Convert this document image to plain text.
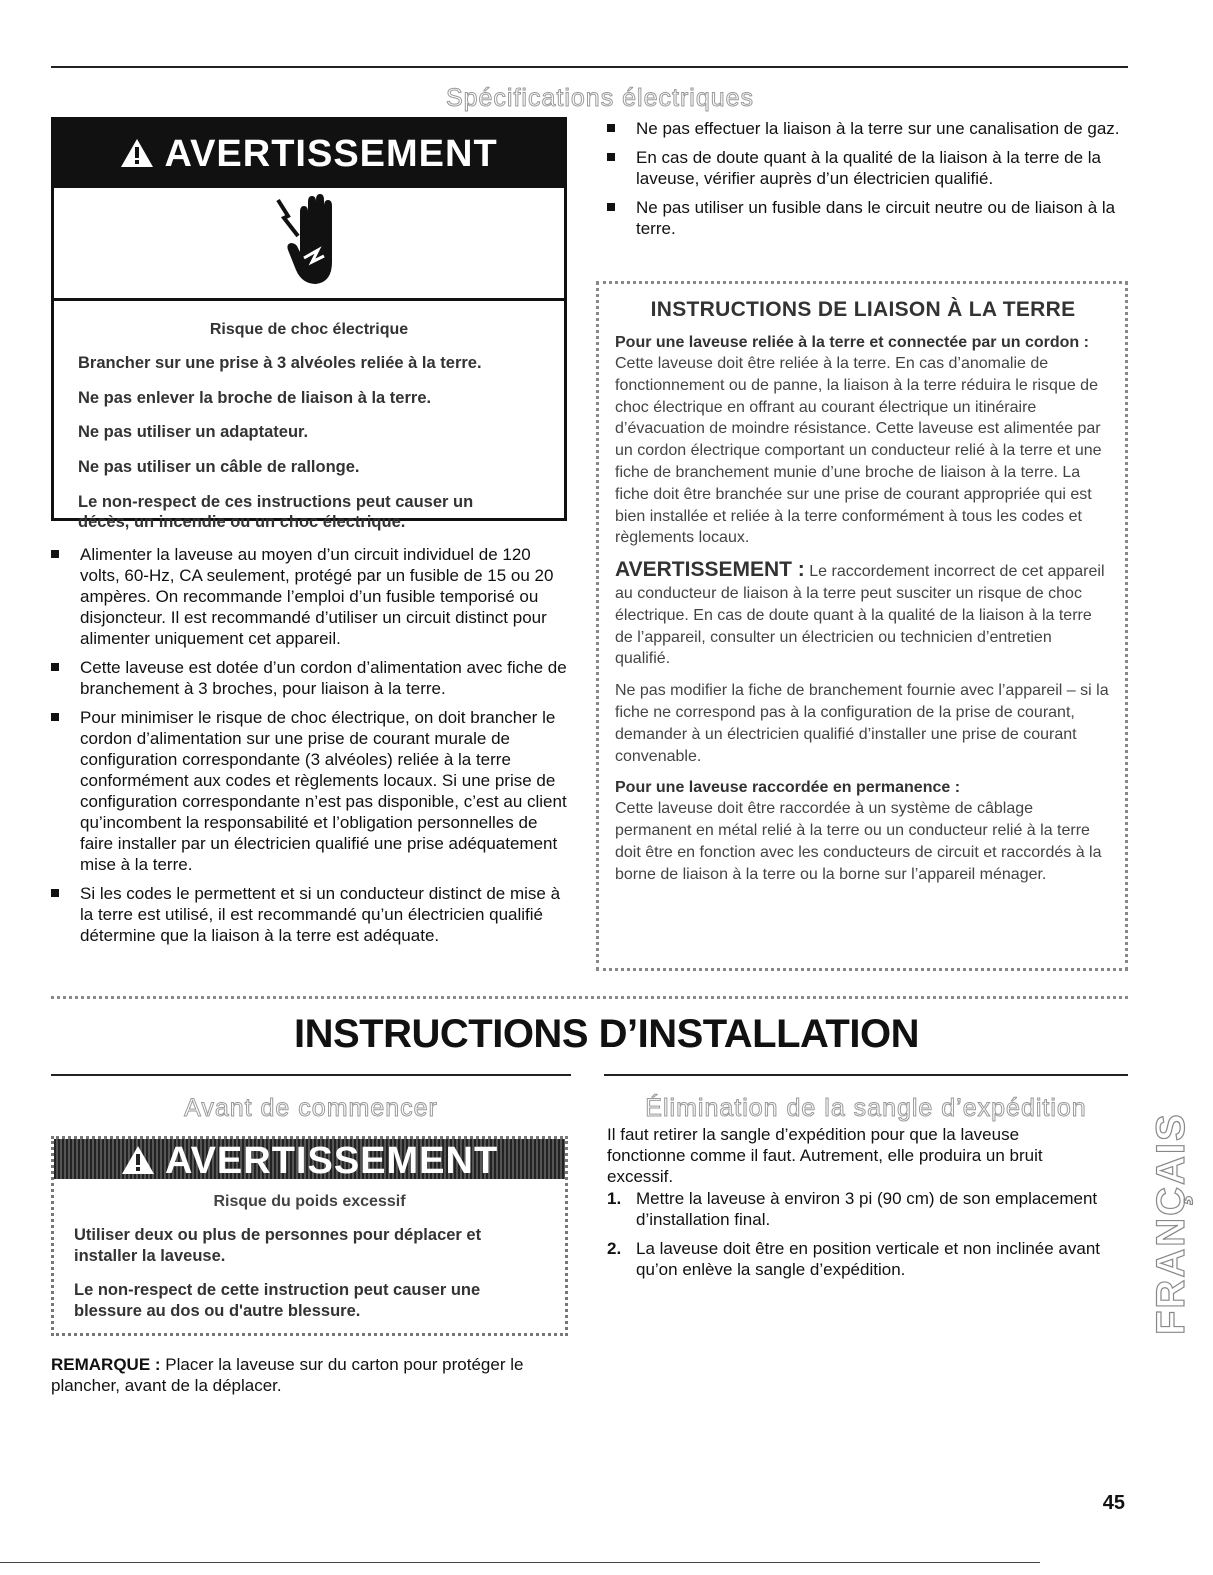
Spécifications électriques
AVERTISSEMENT
Risque de choc électrique

Brancher sur une prise à 3 alvéoles reliée à la terre.

Ne pas enlever la broche de liaison à la terre.

Ne pas utiliser un adaptateur.

Ne pas utiliser un câble de rallonge.

Le non-respect de ces instructions peut causer un décès, un incendie ou un choc électrique.

Alimenter la laveuse au moyen d’un circuit individuel de 120 volts, 60-Hz, CA seulement, protégé par un fusible de 15 ou 20 ampères. On recommande l’emploi d’un fusible temporisé ou disjoncteur. Il est recommandé d’utiliser un circuit distinct pour alimenter uniquement cet appareil.
Cette laveuse est dotée d’un cordon d’alimentation avec fiche de branchement à 3 broches, pour liaison à la terre.
Pour minimiser le risque de choc électrique, on doit brancher le cordon d’alimentation sur une prise de courant murale de configuration correspondante (3 alvéoles) reliée à la terre conformément aux codes et règlements locaux. Si une prise de configuration correspondante n’est pas disponible, c’est au client qu’incombent la responsabilité et l’obligation personnelles de faire installer par un électricien qualifié une prise adéquatement mise à la terre.
Si les codes le permettent et si un conducteur distinct de mise à la terre est utilisé, il est recommandé qu’un électricien qualifié détermine que la liaison à la terre est adéquate.
Ne pas effectuer la liaison à la terre sur une canalisation de gaz.
En cas de doute quant à la qualité de la liaison à la terre de la laveuse, vérifier auprès d’un électricien qualifié.
Ne pas utiliser un fusible dans le circuit neutre ou de liaison à la terre.
INSTRUCTIONS DE LIAISON À LA TERRE

Pour une laveuse reliée à la terre et connectée par un cordon :

Cette laveuse doit être reliée à la terre. En cas d’anomalie de fonctionnement ou de panne, la liaison à la terre réduira le risque de choc électrique en offrant au courant électrique un itinéraire d’évacuation de moindre résistance. Cette laveuse est alimentée par un cordon électrique comportant un conducteur relié à la terre et une fiche de branchement munie d’une broche de liaison à la terre. La fiche doit être branchée sur une prise de courant appropriée qui est bien installée et reliée à la terre conformément à tous les codes et règlements locaux.

AVERTISSEMENT : Le raccordement incorrect de cet appareil au conducteur de liaison à la terre peut susciter un risque de choc électrique. En cas de doute quant à la qualité de la liaison à la terre de l’appareil, consulter un électricien ou technicien d’entretien qualifié.

Ne pas modifier la fiche de branchement fournie avec l’appareil – si la fiche ne correspond pas à la configuration de la prise de courant, demander à un électricien qualifié d’installer une prise de courant convenable.

Pour une laveuse raccordée en permanence :

Cette laveuse doit être raccordée à un système de câblage permanent en métal relié à la terre ou un conducteur relié à la terre doit être en fonction avec les conducteurs de circuit et raccordés à la borne de liaison à la terre ou la borne sur l’appareil ménager.

INSTRUCTIONS D’INSTALLATION
Avant de commencer	Élimination de la sangle d’expédition
AVERTISSEMENT
Risque du poids excessif

Utiliser deux ou plus de personnes pour déplacer et installer la laveuse.

Le non-respect de cette instruction peut causer une blessure au dos ou d'autre blessure.

REMARQUE : Placer la laveuse sur du carton pour protéger le plancher, avant de la déplacer.

Il faut retirer la sangle d’expédition pour que la laveuse fonctionne comme il faut. Autrement, elle produira un bruit excessif.

1. Mettre la laveuse à environ 3 pi (90 cm) de son emplacement d’installation final.
2. La laveuse doit être en position verticale et non inclinée avant qu’on enlève la sangle d’expédition.	FRANÇAIS
45
